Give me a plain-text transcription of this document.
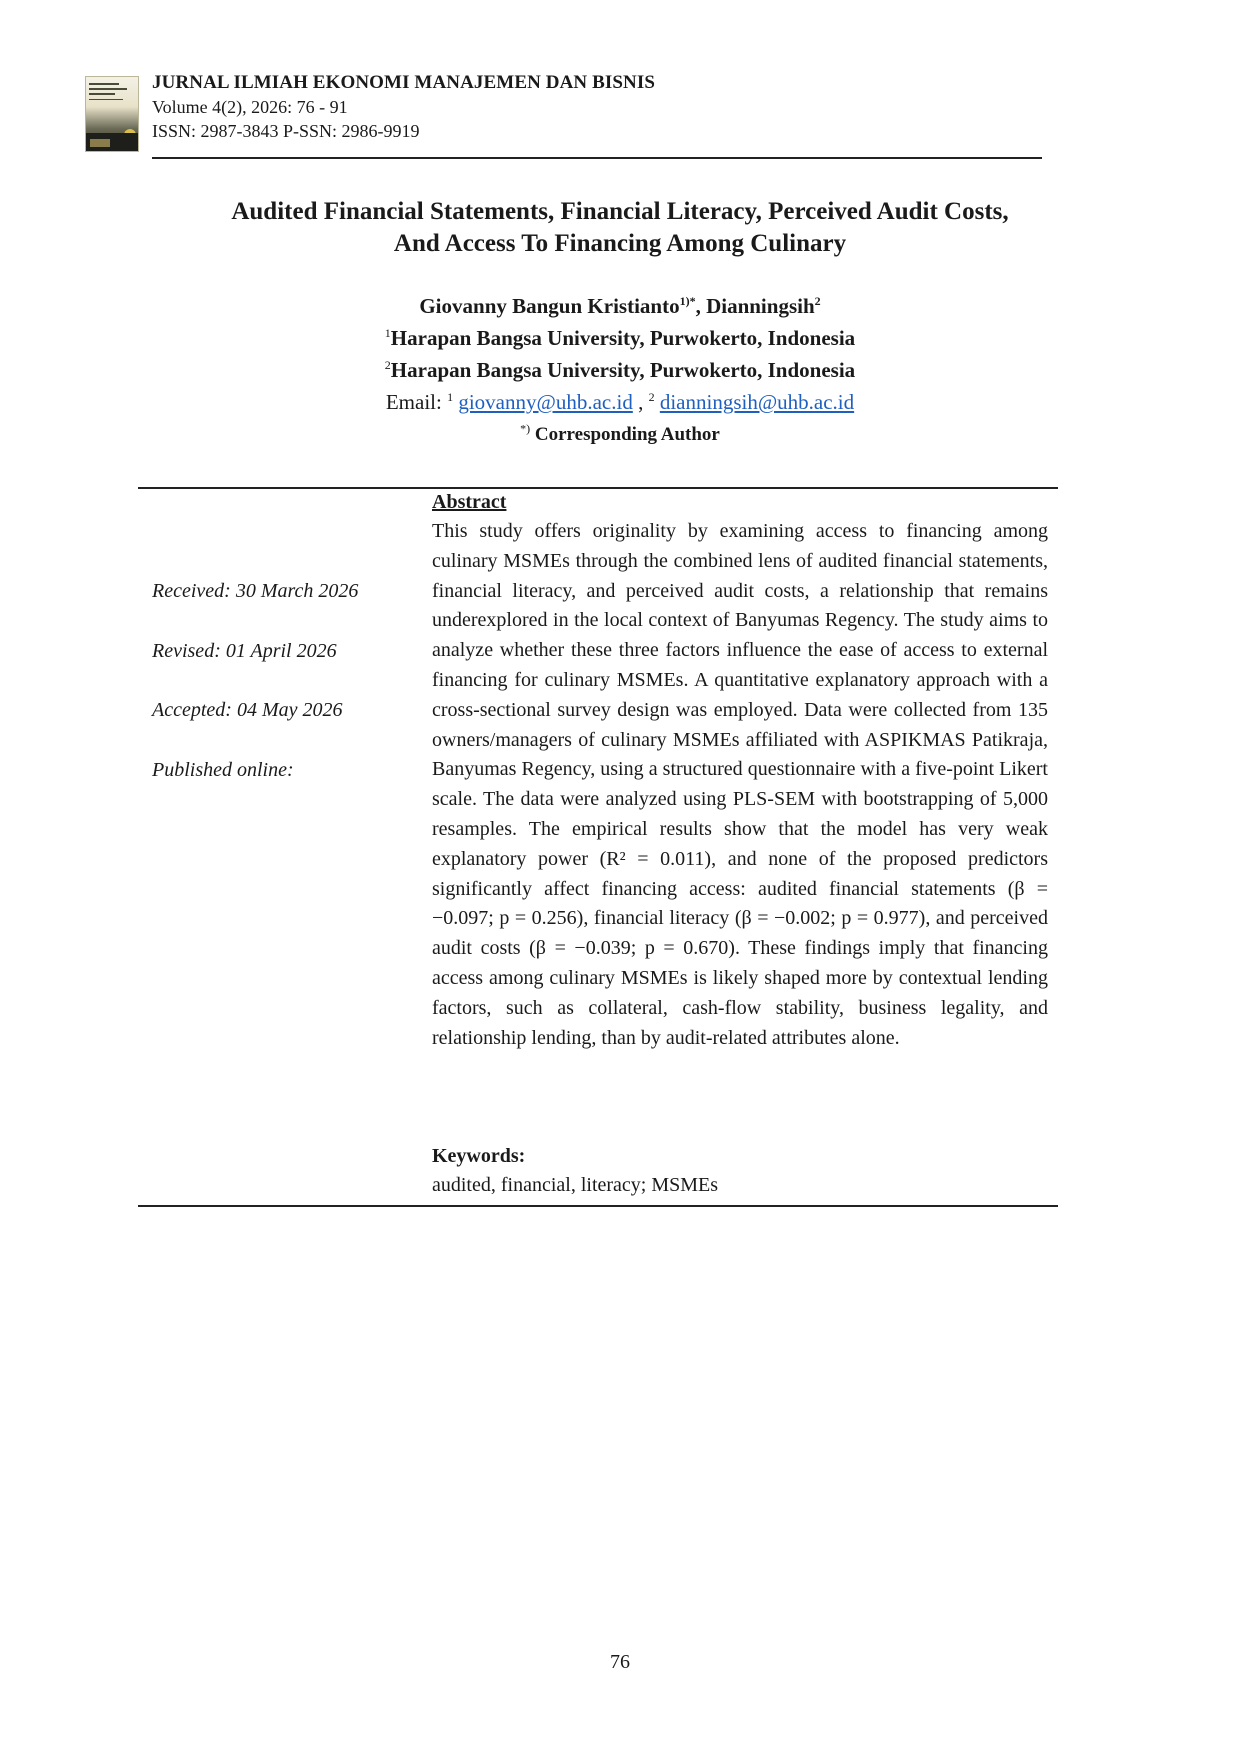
JURNAL ILMIAH EKONOMI MANAJEMEN DAN BISNIS
Volume 4(2), 2026: 76 - 91
ISSN: 2987-3843 P-SSN: 2986-9919
Audited Financial Statements, Financial Literacy, Perceived Audit Costs,
And Access To Financing Among Culinary
Giovanny Bangun Kristianto$^{1)*}$, Dianningsih$^2$
$^1$Harapan Bangsa University, Purwokerto, Indonesia
$^2$Harapan Bangsa University, Purwokerto, Indonesia
Email: $^1$ giovanny@uhb.ac.id , $^2$ dianningsih@uhb.ac.id
*) Corresponding Author
Received: 30 March 2026
Revised: 01 April 2026
Accepted: 04 May 2026
Published online:
Abstract
This study offers originality by examining access to financing among culinary MSMEs through the combined lens of audited financial statements, financial literacy, and perceived audit costs, a relationship that remains underexplored in the local context of Banyumas Regency. The study aims to analyze whether these three factors influence the ease of access to external financing for culinary MSMEs. A quantitative explanatory approach with a cross-sectional survey design was employed. Data were collected from 135 owners/managers of culinary MSMEs affiliated with ASPIKMAS Patikraja, Banyumas Regency, using a structured questionnaire with a five-point Likert scale. The data were analyzed using PLS-SEM with bootstrapping of 5,000 resamples. The empirical results show that the model has very weak explanatory power (R² = 0.011), and none of the proposed predictors significantly affect financing access: audited financial statements (β = −0.097; p = 0.256), financial literacy (β = −0.002; p = 0.977), and perceived audit costs (β = −0.039; p = 0.670). These findings imply that financing access among culinary MSMEs is likely shaped more by contextual lending factors, such as collateral, cash-flow stability, business legality, and relationship lending, than by audit-related attributes alone.
Keywords:
audited, financial, literacy; MSMEs
76
